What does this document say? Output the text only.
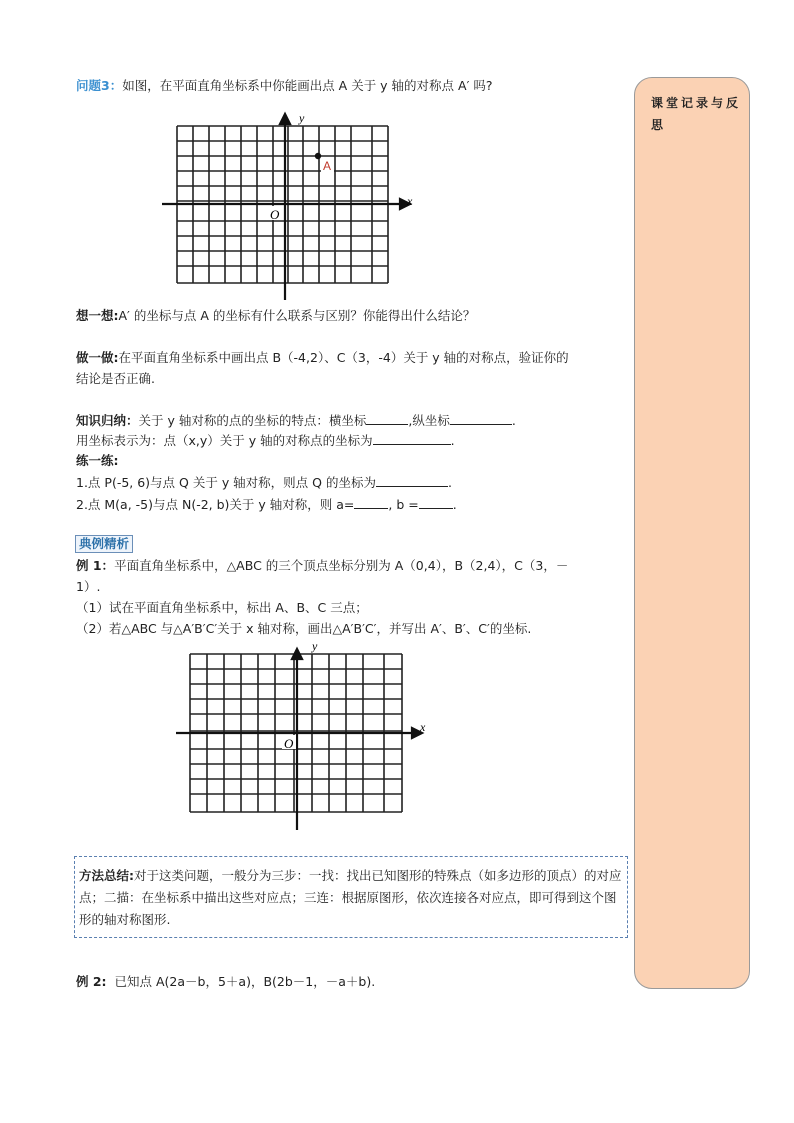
课堂记录与反思
问题3：如图，在平面直角坐标系中你能画出点 A 关于 y 轴的对称点 A′ 吗?
y
x
O
A
想一想:A′ 的坐标与点 A 的坐标有什么联系与区别？你能得出什么结论？
做一做:在平面直角坐标系中画出点 B（-4,2）、C（3，-4）关于 y 轴的对称点，验证你的
结论是否正确.
知识归纳：关于 y 轴对称的点的坐标的特点：横坐标	,纵坐标	.
用坐标表示为：点（x,y）关于 y 轴的对称点的坐标为	.
练一练:
1.点 P(-5, 6)与点 Q 关于 y 轴对称，则点 Q 的坐标为	.
2.点 M(a, -5)与点 N(-2, b)关于 y 轴对称，则 a=	, b =	.
典例精析
例 1：平面直角坐标系中，△ABC 的三个顶点坐标分别为 A（0,4），B（2,4），C（3，－
1）.
（1）试在平面直角坐标系中，标出 A、B、C 三点；
（2）若△ABC 与△A′B′C′关于 x 轴对称，画出△A′B′C′，并写出 A′、B′、C′的坐标.
y
x
O
方法总结:对于这类问题，一般分为三步：一找：找出已知图形的特殊点（如多边形的顶点）的对应点；二描：在坐标系中描出这些对应点；三连：根据原图形，依次连接各对应点，即可得到这个图形的轴对称图形.
例 2: 已知点 A(2a－b，5＋a)，B(2b－1，－a＋b).
